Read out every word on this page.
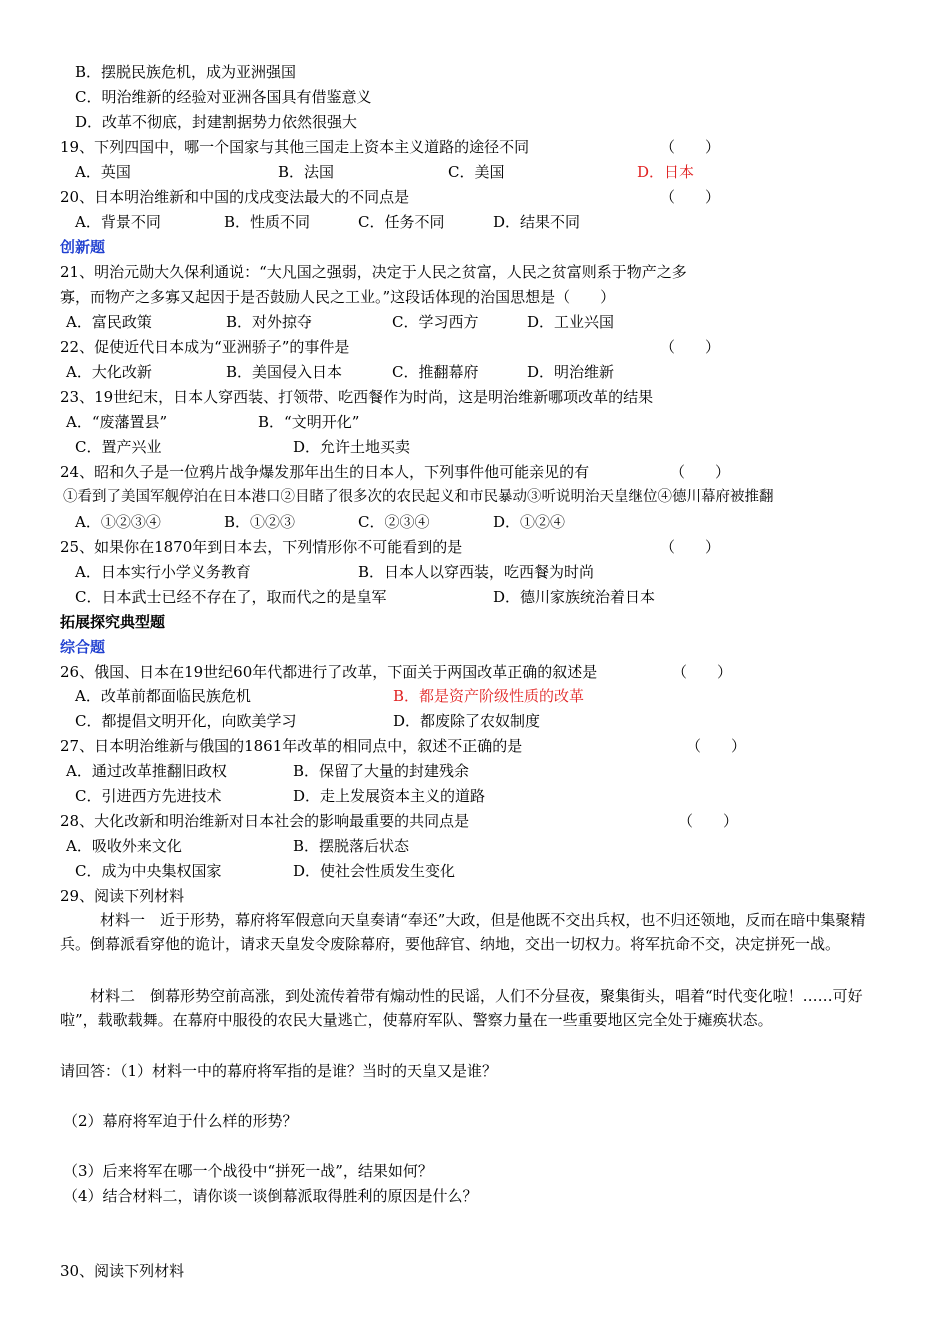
B．摆脱民族危机，成为亚洲强国
C．明治维新的经验对亚洲各国具有借鉴意义
D．改革不彻底，封建割据势力依然很强大
19、下列四国中，哪一个国家与其他三国走上资本主义道路的途径不同	（　　）
A．英国	B．法国	C．美国	D．日本
20、日本明治维新和中国的戊戌变法最大的不同点是	（　　）
A．背景不同	B．性质不同	C．任务不同	D．结果不同
创新题
21、明治元勋大久保利通说：“大凡国之强弱，决定于人民之贫富，人民之贫富则系于物产之多
寡，而物产之多寡又起因于是否鼓励人民之工业。”这段话体现的治国思想是（　　）
A．富民政策	B．对外掠夺	C．学习西方	D．工业兴国
22、促使近代日本成为“亚洲骄子”的事件是	（　　）
A．大化改新	B．美国侵入日本	C．推翻幕府	D．明治维新
23、19世纪末，日本人穿西装、打领带、吃西餐作为时尚，这是明治维新哪项改革的结果
A．“废藩置县”	B．“文明开化”
C．置产兴业	D．允许土地买卖
24、昭和久子是一位鸦片战争爆发那年出生的日本人，下列事件他可能亲见的有	（　　）
①看到了美国军舰停泊在日本港口②目睹了很多次的农民起义和市民暴动③听说明治天皇继位④德川幕府被推翻
A．①②③④	B．①②③	C．②③④	D．①②④
25、如果你在1870年到日本去，下列情形你不可能看到的是	（　　）
A．日本实行小学义务教育	B．日本人以穿西装，吃西餐为时尚
C．日本武士已经不存在了，取而代之的是皇军	D．德川家族统治着日本
拓展探究典型题
综合题
26、俄国、日本在19世纪60年代都进行了改革，下面关于两国改革正确的叙述是	（　　）
A．改革前都面临民族危机	B．都是资产阶级性质的改革
C．都提倡文明开化，向欧美学习	D．都废除了农奴制度
27、日本明治维新与俄国的1861年改革的相同点中，叙述不正确的是	（　　）
A．通过改革推翻旧政权	B．保留了大量的封建残余
C．引进西方先进技术	D．走上发展资本主义的道路
28、大化改新和明治维新对日本社会的影响最重要的共同点是	（　　）
A．吸收外来文化	B．摆脱落后状态
C．成为中央集权国家	D．使社会性质发生变化
29、阅读下列材料
材料一　近于形势，幕府将军假意向天皇奏请“奉还”大政，但是他既不交出兵权，也不归还领地，反而在暗中集聚精兵。倒幕派看穿他的诡计，请求天皇发令废除幕府，要他辞官、纳地，交出一切权力。将军抗命不交，决定拼死一战。
材料二　倒幕形势空前高涨，到处流传着带有煽动性的民谣，人们不分昼夜，聚集街头，唱着“时代变化啦！……可好啦”，载歌载舞。在幕府中服役的农民大量逃亡，使幕府军队、警察力量在一些重要地区完全处于瘫痪状态。
请回答：（1）材料一中的幕府将军指的是谁？当时的天皇又是谁？
（2）幕府将军迫于什么样的形势？
（3）后来将军在哪一个战役中“拼死一战”，结果如何？
（4）结合材料二，请你谈一谈倒幕派取得胜利的原因是什么？
30、阅读下列材料
